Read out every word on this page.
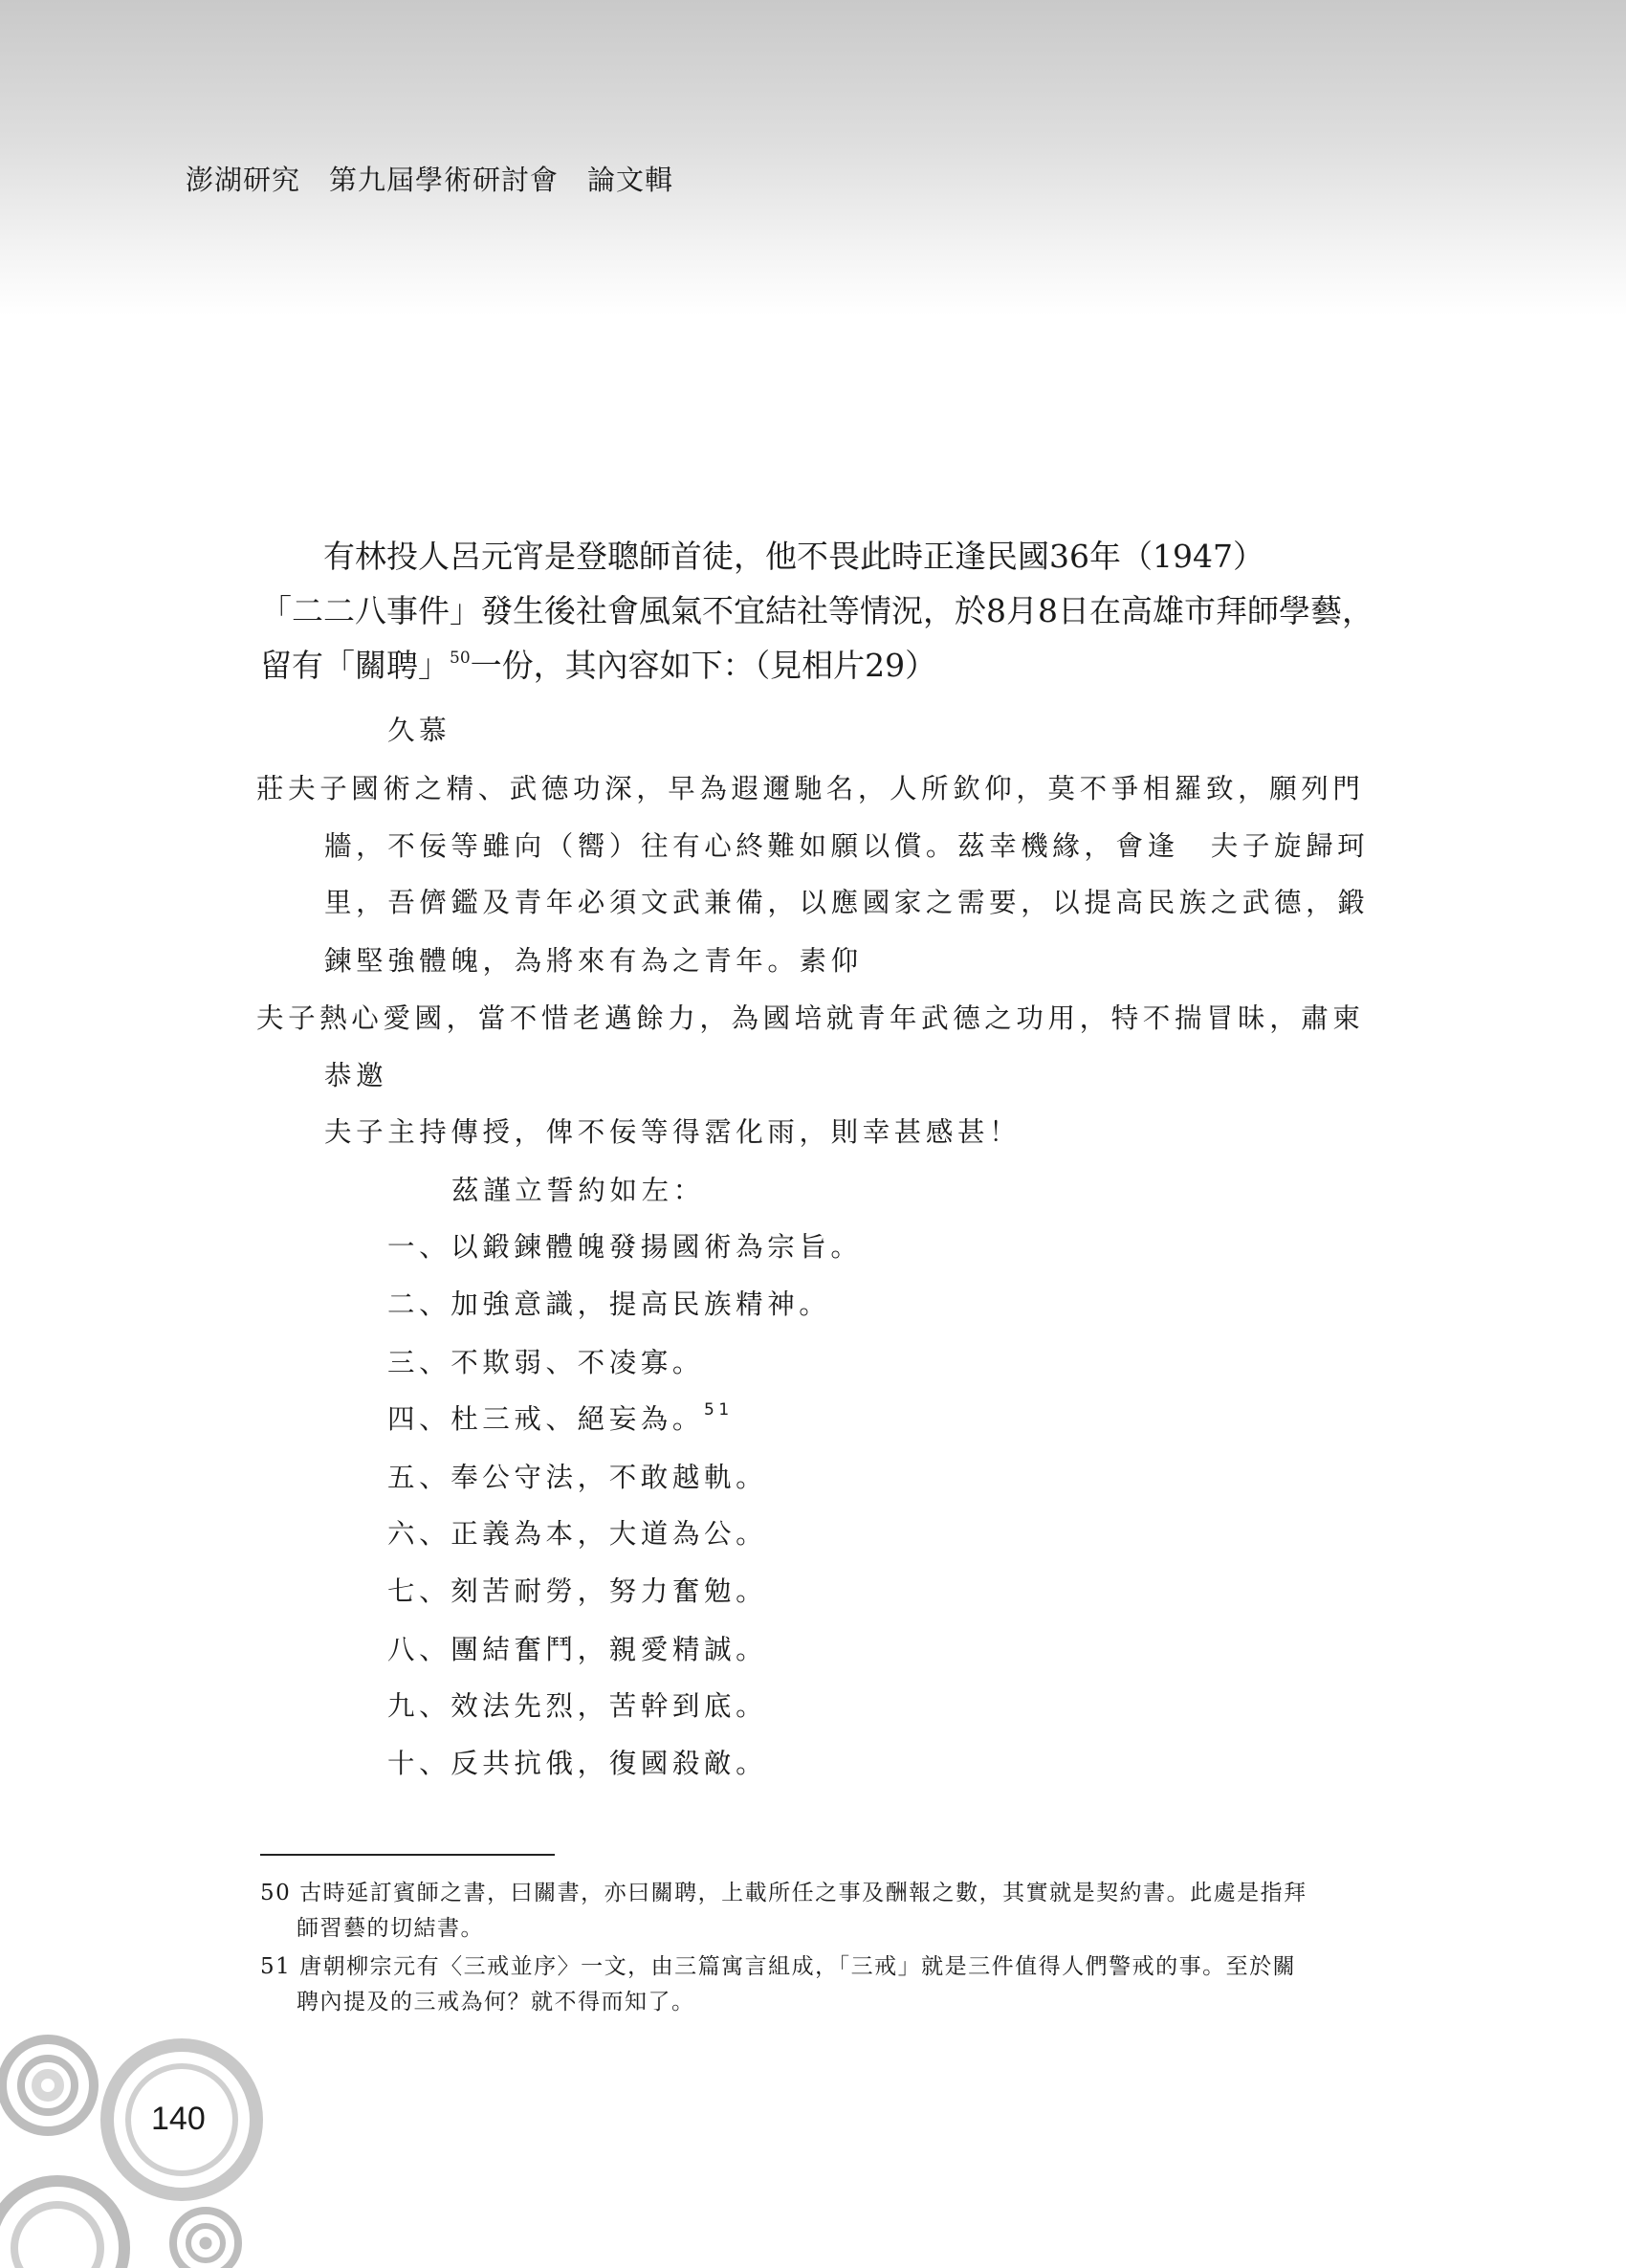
澎湖研究　第九屆學術研討會　論文輯
有林投人呂元宵是登聰師首徒，他不畏此時正逢民國36年（1947）
「二二八事件」發生後社會風氣不宜結社等情況，於8月8日在高雄市拜師學藝，
留有「關聘」$^{50}$一份，其內容如下：（見相片29）
久慕
莊夫子國術之精、武德功深，早為遐邇馳名，人所欽仰，莫不爭相羅致，願列門
牆，不佞等雖向（嚮）往有心終難如願以償。茲幸機緣，會逢　夫子旋歸珂
里，吾儕鑑及青年必須文武兼備，以應國家之需要，以提高民族之武德，鍛
鍊堅強體魄，為將來有為之青年。素仰
夫子熱心愛國，當不惜老邁餘力，為國培就青年武德之功用，特不揣冒昧，肅柬
恭邀
夫子主持傳授，俾不佞等得霑化雨，則幸甚感甚！
茲謹立誓約如左：
一、以鍛鍊體魄發揚國術為宗旨。
二、加強意識，提高民族精神。
三、不欺弱、不凌寡。
四、杜三戒、絕妄為。$^{51}$
五、奉公守法，不敢越軌。
六、正義為本，大道為公。
七、刻苦耐勞，努力奮勉。
八、團結奮鬥，親愛精誠。
九、效法先烈，苦幹到底。
十、反共抗俄，復國殺敵。
50 古時延訂賓師之書，曰關書，亦曰關聘，上載所任之事及酬報之數，其實就是契約書。此處是指拜
師習藝的切結書。
51 唐朝柳宗元有〈三戒並序〉一文，由三篇寓言組成，「三戒」就是三件值得人們警戒的事。至於關
聘內提及的三戒為何？就不得而知了。
140
